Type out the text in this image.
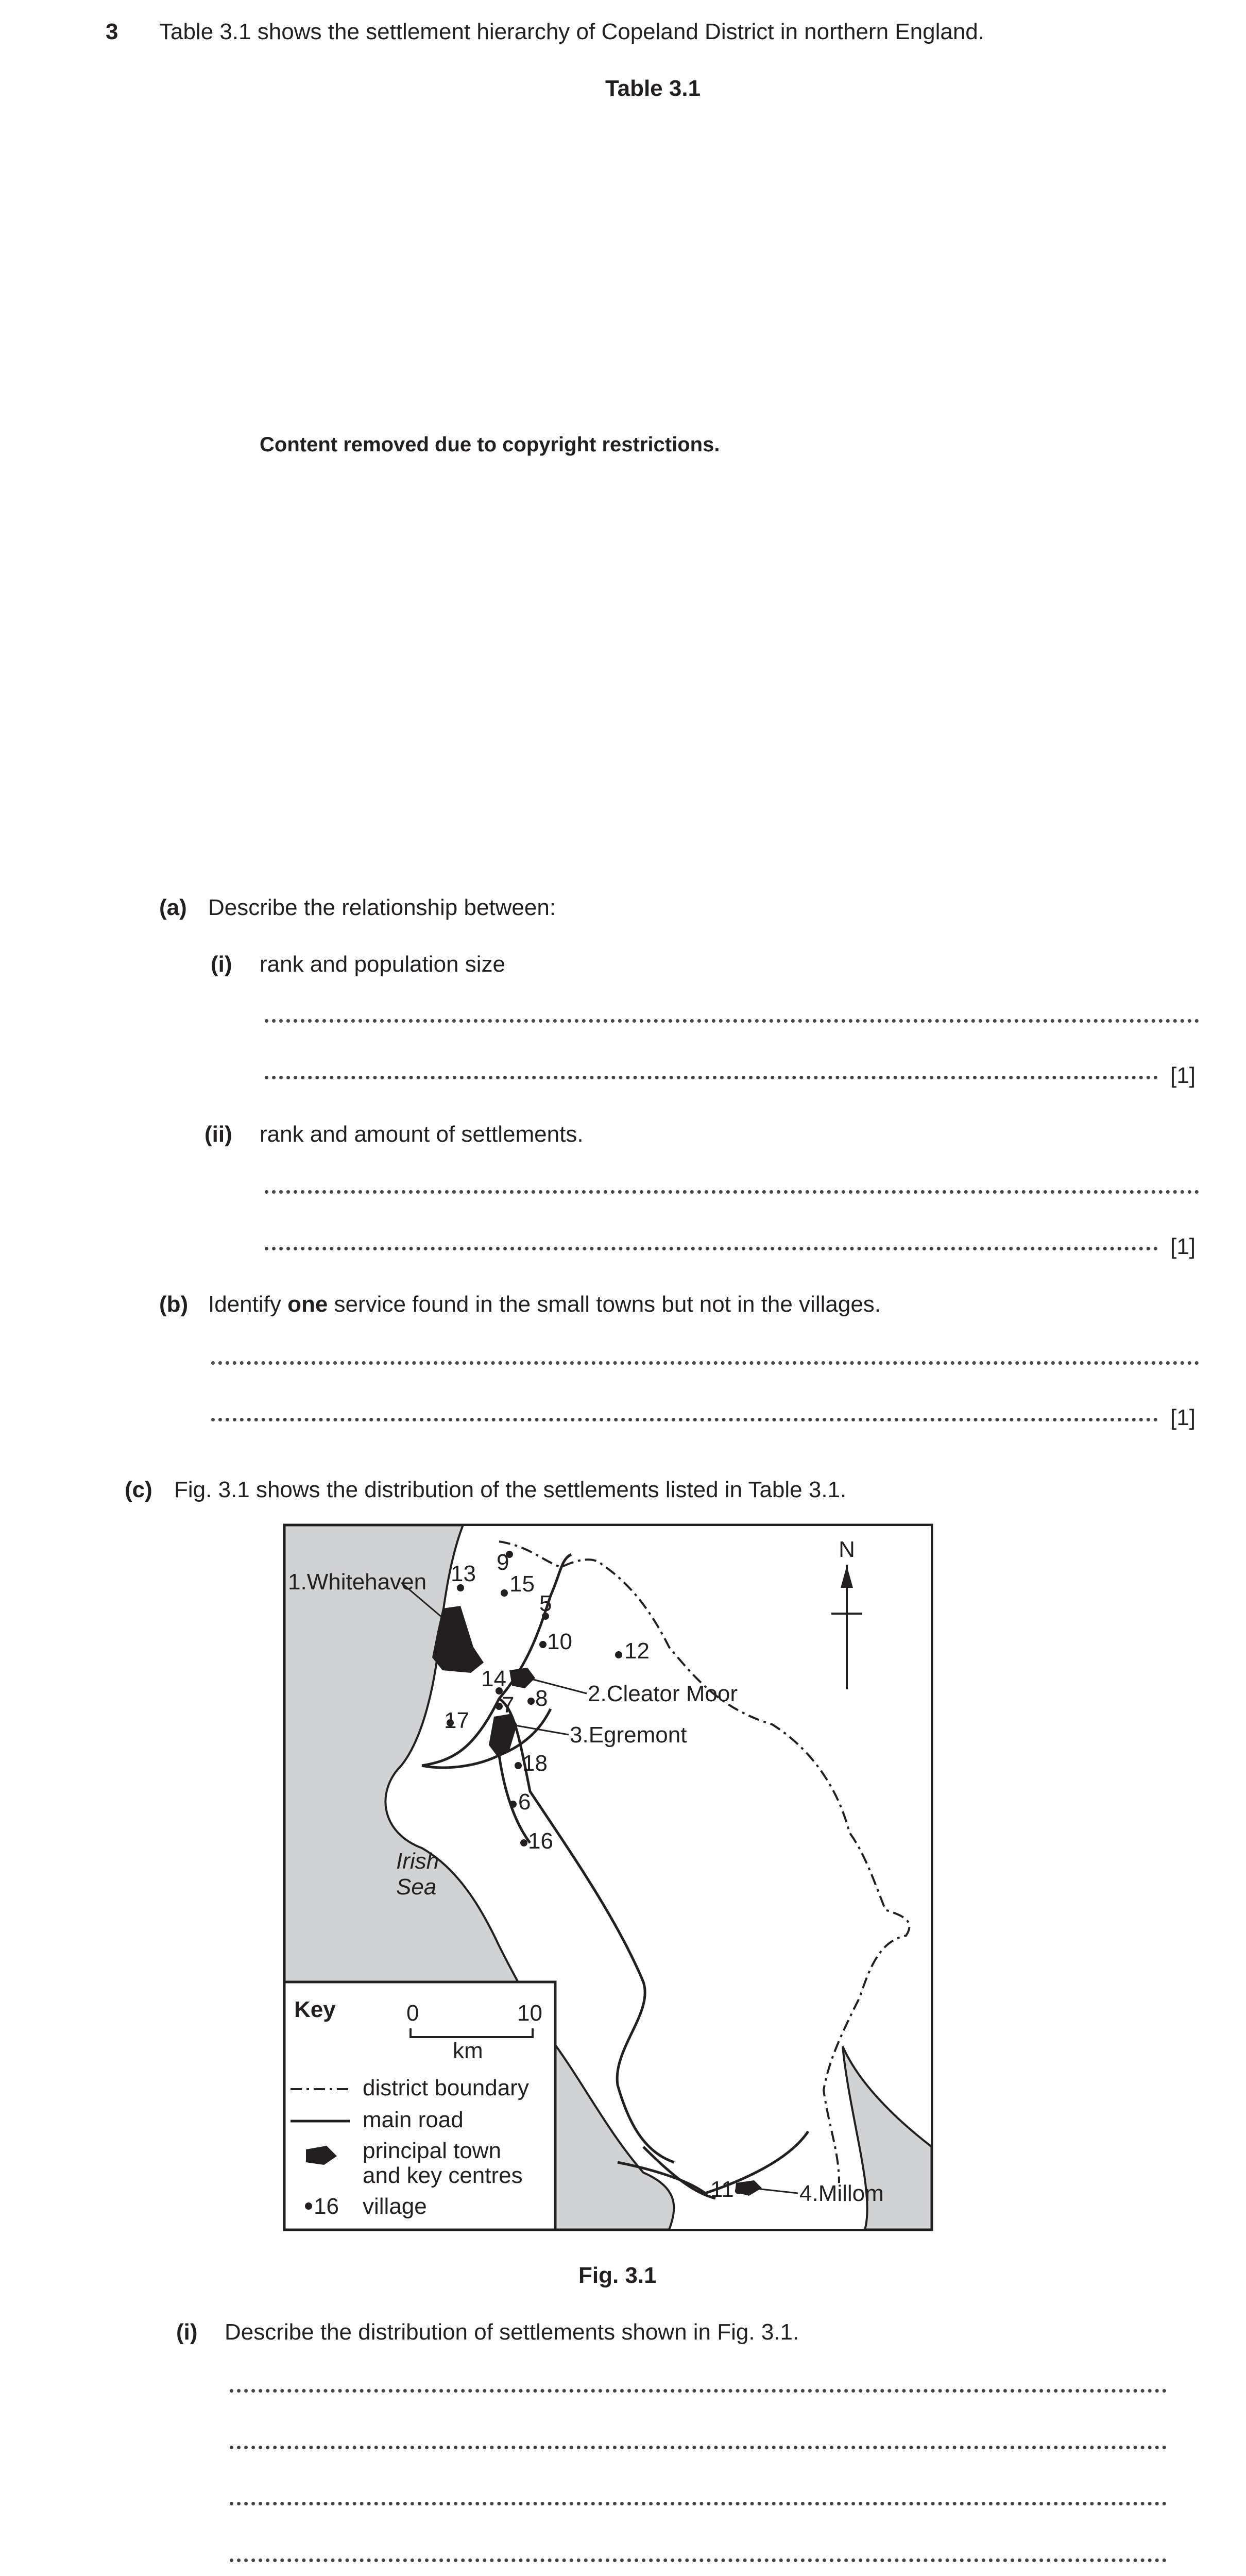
3 Table 3.1 shows the settlement hierarchy of Copeland District in northern England.
Table 3.1
Content removed due to copyright restrictions.
(a) Describe the relationship between:
(i) rank and population size
[1]
(ii) rank and amount of settlements.
[1]
(b) Identify one service found in the small towns but not in the villages.
[1]
(c) Fig. 3.1 shows the distribution of the settlements listed in Table 3.1.
13 9
15
5
10 12
14
7 8
17
18
6
16
11
1.Whitehaven
2.Cleator Moor
3.Egremont
4.Millom
Irish
Sea
N
Key	0	10
km
district boundary
main road
principal town
and key centres
16 village
Fig. 3.1
(i) Describe the distribution of settlements shown in Fig. 3.1.
